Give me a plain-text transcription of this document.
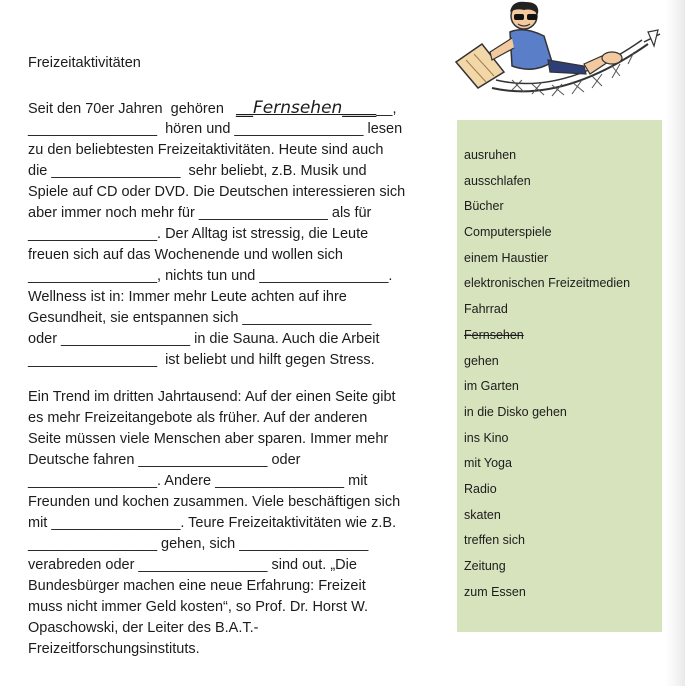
Freizeitaktivitäten
Seit den 70er Jahren  gehören   __Fernsehen______,
________________  hören und ________________ lesen
zu den beliebtesten Freizeitaktivitäten. Heute sind auch
die ________________  sehr beliebt, z.B. Musik und
Spiele auf CD oder DVD. Die Deutschen interessieren sich
aber immer noch mehr für ________________ als für
________________. Der Alltag ist stressig, die Leute
freuen sich auf das Wochenende und wollen sich
________________, nichts tun und ________________.
Wellness ist in: Immer mehr Leute achten auf ihre
Gesundheit, sie entspannen sich ________________
oder ________________ in die Sauna. Auch die Arbeit
________________  ist beliebt und hilft gegen Stress.
Ein Trend im dritten Jahrtausend: Auf der einen Seite gibt
es mehr Freizeitangebote als früher. Auf der anderen
Seite müssen viele Menschen aber sparen. Immer mehr
Deutsche fahren ________________ oder
________________. Andere ________________ mit
Freunden und kochen zusammen. Viele beschäftigen sich
mit ________________. Teure Freizeitaktivitäten wie z.B.
________________ gehen, sich ________________
verabreden oder ________________ sind out. „Die
Bundesbürger machen eine neue Erfahrung: Freizeit
muss nicht immer Geld kosten“, so Prof. Dr. Horst W.
Opaschowski, der Leiter des B.A.T.-
Freizeitforschungsinstituts.
ausruhen
ausschlafen
Bücher
Computerspiele
einem Haustier
elektronischen Freizeitmedien
Fahrrad
Fernsehen
gehen
im Garten
in die Disko gehen
ins Kino
mit Yoga
Radio
skaten
treffen sich
Zeitung
zum Essen
